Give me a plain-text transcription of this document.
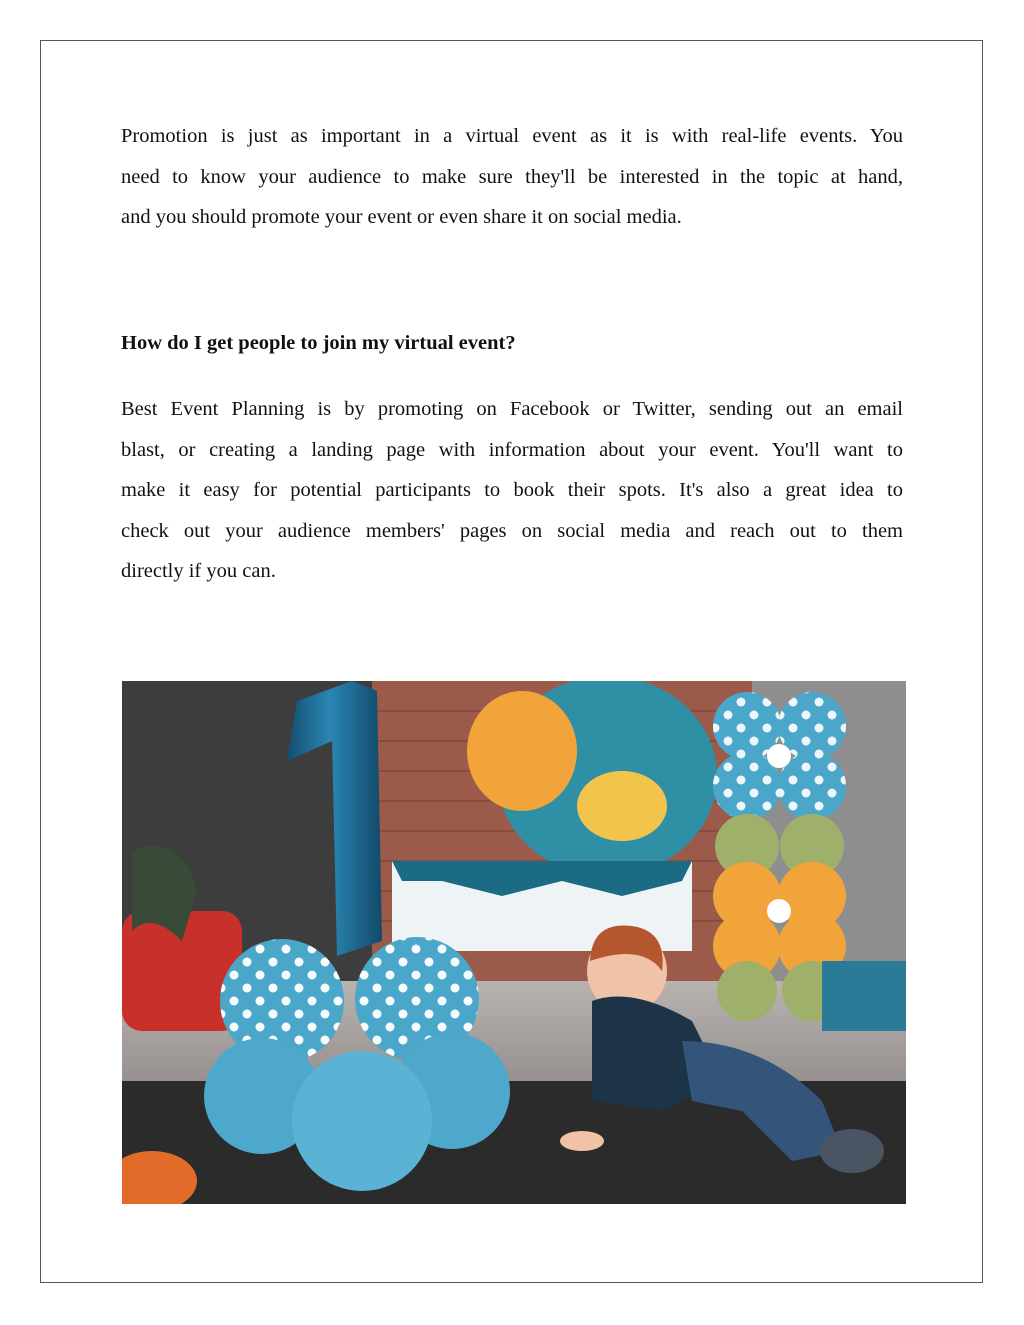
Promotion is just as important in a virtual event as it is with real-life events. You
need to know your audience to make sure they'll be interested in the topic at hand,
and you should promote your event or even share it on social media.
How do I get people to join my virtual event?
Best Event Planning is by promoting on Facebook or Twitter, sending out an email
blast, or creating a landing page with information about your event. You'll want to
make it easy for potential participants to book their spots. It's also a great idea to
check out your audience members' pages on social media and reach out to them
directly if you can.
